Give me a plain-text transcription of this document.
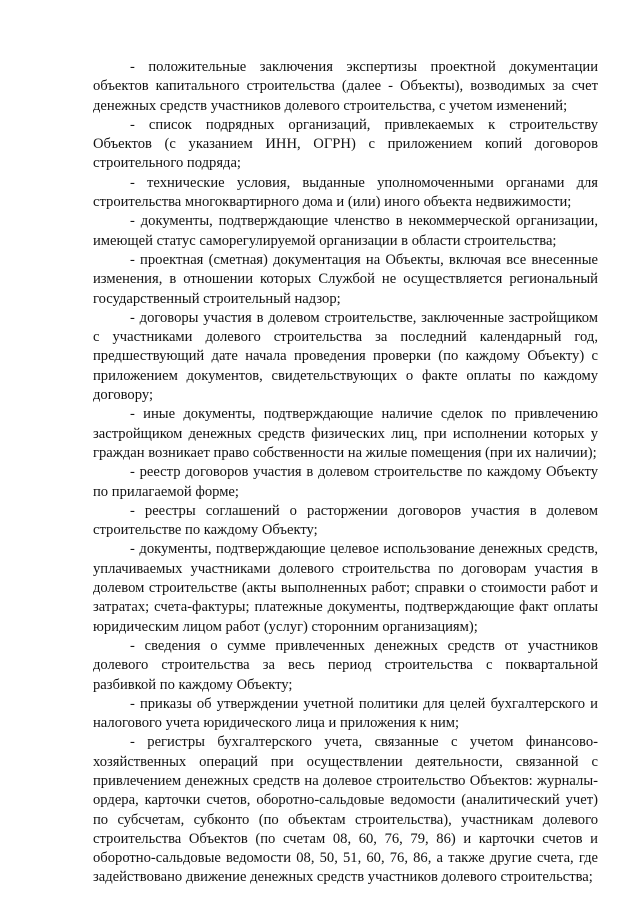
- положительные заключения экспертизы проектной документации объектов капитального строительства (далее - Объекты), возводимых за счет денежных средств участников долевого строительства, с учетом изменений;

- список подрядных организаций, привлекаемых к строительству Объектов (с указанием ИНН, ОГРН) с приложением копий договоров строительного подряда;

- технические условия, выданные уполномоченными органами для строительства многоквартирного дома и (или) иного объекта недвижимости;

- документы, подтверждающие членство в некоммерческой организации, имеющей статус саморегулируемой организации в области строительства;

- проектная (сметная) документация на Объекты, включая все внесенные изменения, в отношении которых Службой не осуществляется региональный государственный строительный надзор;

- договоры участия в долевом строительстве, заключенные застройщиком с участниками долевого строительства за последний календарный год, предшествующий дате начала проведения проверки (по каждому Объекту) с приложением документов, свидетельствующих о факте оплаты по каждому договору;

- иные документы, подтверждающие наличие сделок по привлечению застройщиком денежных средств физических лиц, при исполнении которых у граждан возникает право собственности на жилые помещения (при их наличии);

- реестр договоров участия в долевом строительстве по каждому Объекту по прилагаемой форме;

- реестры соглашений о расторжении договоров участия в долевом строительстве по каждому Объекту;

- документы, подтверждающие целевое использование денежных средств, уплачиваемых участниками долевого строительства по договорам участия в долевом строительстве (акты выполненных работ; справки о стоимости работ и затратах; счета-фактуры; платежные документы, подтверждающие факт оплаты юридическим лицом работ (услуг) сторонним организациям);

- сведения о сумме привлеченных денежных средств от участников долевого строительства за весь период строительства с поквартальной разбивкой по каждому Объекту;

- приказы об утверждении учетной политики для целей бухгалтерского и налогового учета юридического лица и приложения к ним;

- регистры бухгалтерского учета, связанные с учетом финансово-хозяйственных операций при осуществлении деятельности, связанной с привлечением денежных средств на долевое строительство Объектов: журналы-ордера, карточки счетов, оборотно-сальдовые ведомости (аналитический учет) по субсчетам, субконто (по объектам строительства), участникам долевого строительства Объектов (по счетам 08, 60, 76, 79, 86) и карточки счетов и оборотно-сальдовые ведомости 08, 50, 51, 60, 76, 86, а также другие счета, где задействовано движение денежных средств участников долевого строительства;
